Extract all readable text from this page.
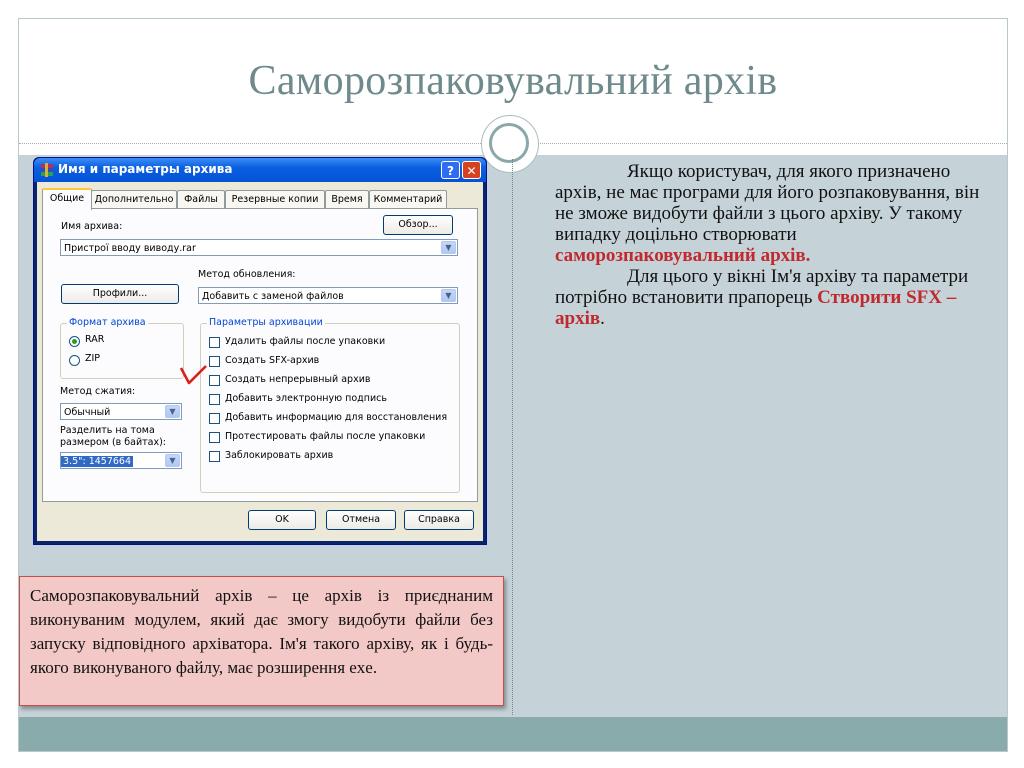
Саморозпаковувальний архів

Якщо користувач, для якого призначено архів, не має програми для його розпаковування, він не зможе видобути файли з цього архіву. У такому випадку доцільно створювати саморозпаковувальний архів.

Для цього у вікні Ім'я архіву та параметри потрібно встановити прапорець Створити SFX – архів.

Саморозпаковувальний архів – це архів із приєднаним виконуваним модулем, який дає змогу видобути файли без запуску відповідного архіватора. Ім'я такого архіву, як і будь-якого виконуваного файлу, має розширення exe.
Имя и параметры архива	?	✕
Общие	Дополнительно	Файлы	Резервные копии	Время	Комментарий
Имя архива:	Обзор...
Пристрої вводу виводу.rar	▼
Метод обновления:
Профили...	Добавить с заменой файлов	▼
Формат архива
RAR
ZIP
Метод сжатия:
Обычный	▼
Разделить на тома
размером (в байтах):
3.5": 1457664	▼
Параметры архивации
Удалить файлы после упаковки
Создать SFX-архив
Создать непрерывный архив
Добавить электронную подпись
Добавить информацию для восстановления
Протестировать файлы после упаковки
Заблокировать архив
OK	Отмена	Справка
